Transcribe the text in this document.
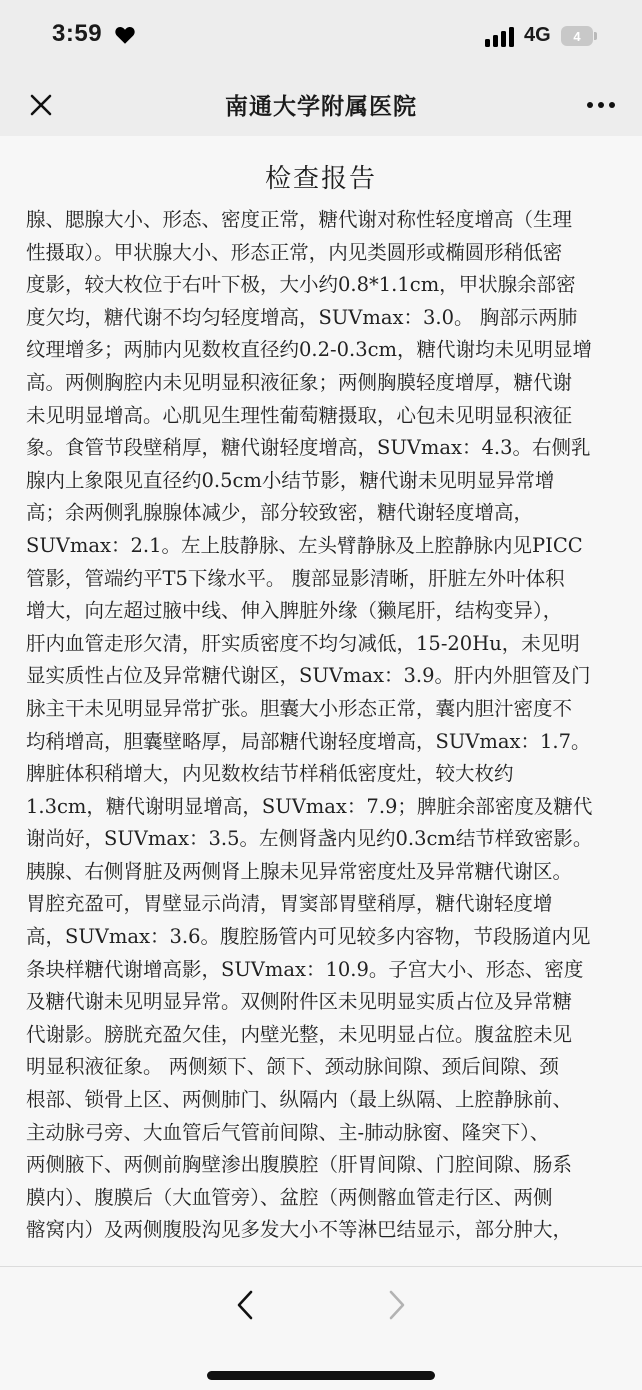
3:59	4G 4
南通大学附属医院
检查报告
腺、腮腺大小、形态、密度正常，糖代谢对称性轻度增高（生理
性摄取）。甲状腺大小、形态正常，内见类圆形或椭圆形稍低密
度影，较大枚位于右叶下极，大小约0.8*1.1cm，甲状腺余部密
度欠均，糖代谢不均匀轻度增高，SUVmax：3.0。 胸部示两肺
纹理增多；两肺内见数枚直径约0.2-0.3cm，糖代谢均未见明显增
高。两侧胸腔内未见明显积液征象；两侧胸膜轻度增厚，糖代谢
未见明显增高。心肌见生理性葡萄糖摄取，心包未见明显积液征
象。食管节段壁稍厚，糖代谢轻度增高，SUVmax：4.3。右侧乳
腺内上象限见直径约0.5cm小结节影，糖代谢未见明显异常增
高；余两侧乳腺腺体减少，部分较致密，糖代谢轻度增高，
SUVmax：2.1。左上肢静脉、左头臂静脉及上腔静脉内见PICC
管影，管端约平T5下缘水平。 腹部显影清晰，肝脏左外叶体积
增大，向左超过腋中线、伸入脾脏外缘（獭尾肝，结构变异），
肝内血管走形欠清，肝实质密度不均匀减低，15-20Hu，未见明
显实质性占位及异常糖代谢区，SUVmax：3.9。肝内外胆管及门
脉主干未见明显异常扩张。胆囊大小形态正常，囊内胆汁密度不
均稍增高，胆囊壁略厚，局部糖代谢轻度增高，SUVmax：1.7。
脾脏体积稍增大，内见数枚结节样稍低密度灶，较大枚约
1.3cm，糖代谢明显增高，SUVmax：7.9；脾脏余部密度及糖代
谢尚好，SUVmax：3.5。左侧肾盏内见约0.3cm结节样致密影。
胰腺、右侧肾脏及两侧肾上腺未见异常密度灶及异常糖代谢区。
胃腔充盈可，胃壁显示尚清，胃窦部胃壁稍厚，糖代谢轻度增
高，SUVmax：3.6。腹腔肠管内可见较多内容物，节段肠道内见
条块样糖代谢增高影，SUVmax：10.9。子宫大小、形态、密度
及糖代谢未见明显异常。双侧附件区未见明显实质占位及异常糖
代谢影。膀胱充盈欠佳，内壁光整，未见明显占位。腹盆腔未见
明显积液征象。 两侧颏下、颌下、颈动脉间隙、颈后间隙、颈
根部、锁骨上区、两侧肺门、纵隔内（最上纵隔、上腔静脉前、
主动脉弓旁、大血管后气管前间隙、主-肺动脉窗、隆突下）、
两侧腋下、两侧前胸壁渗出腹膜腔（肝胃间隙、门腔间隙、肠系
膜内）、腹膜后（大血管旁）、盆腔（两侧髂血管走行区、两侧
髂窝内）及两侧腹股沟见多发大小不等淋巴结显示，部分肿大，
